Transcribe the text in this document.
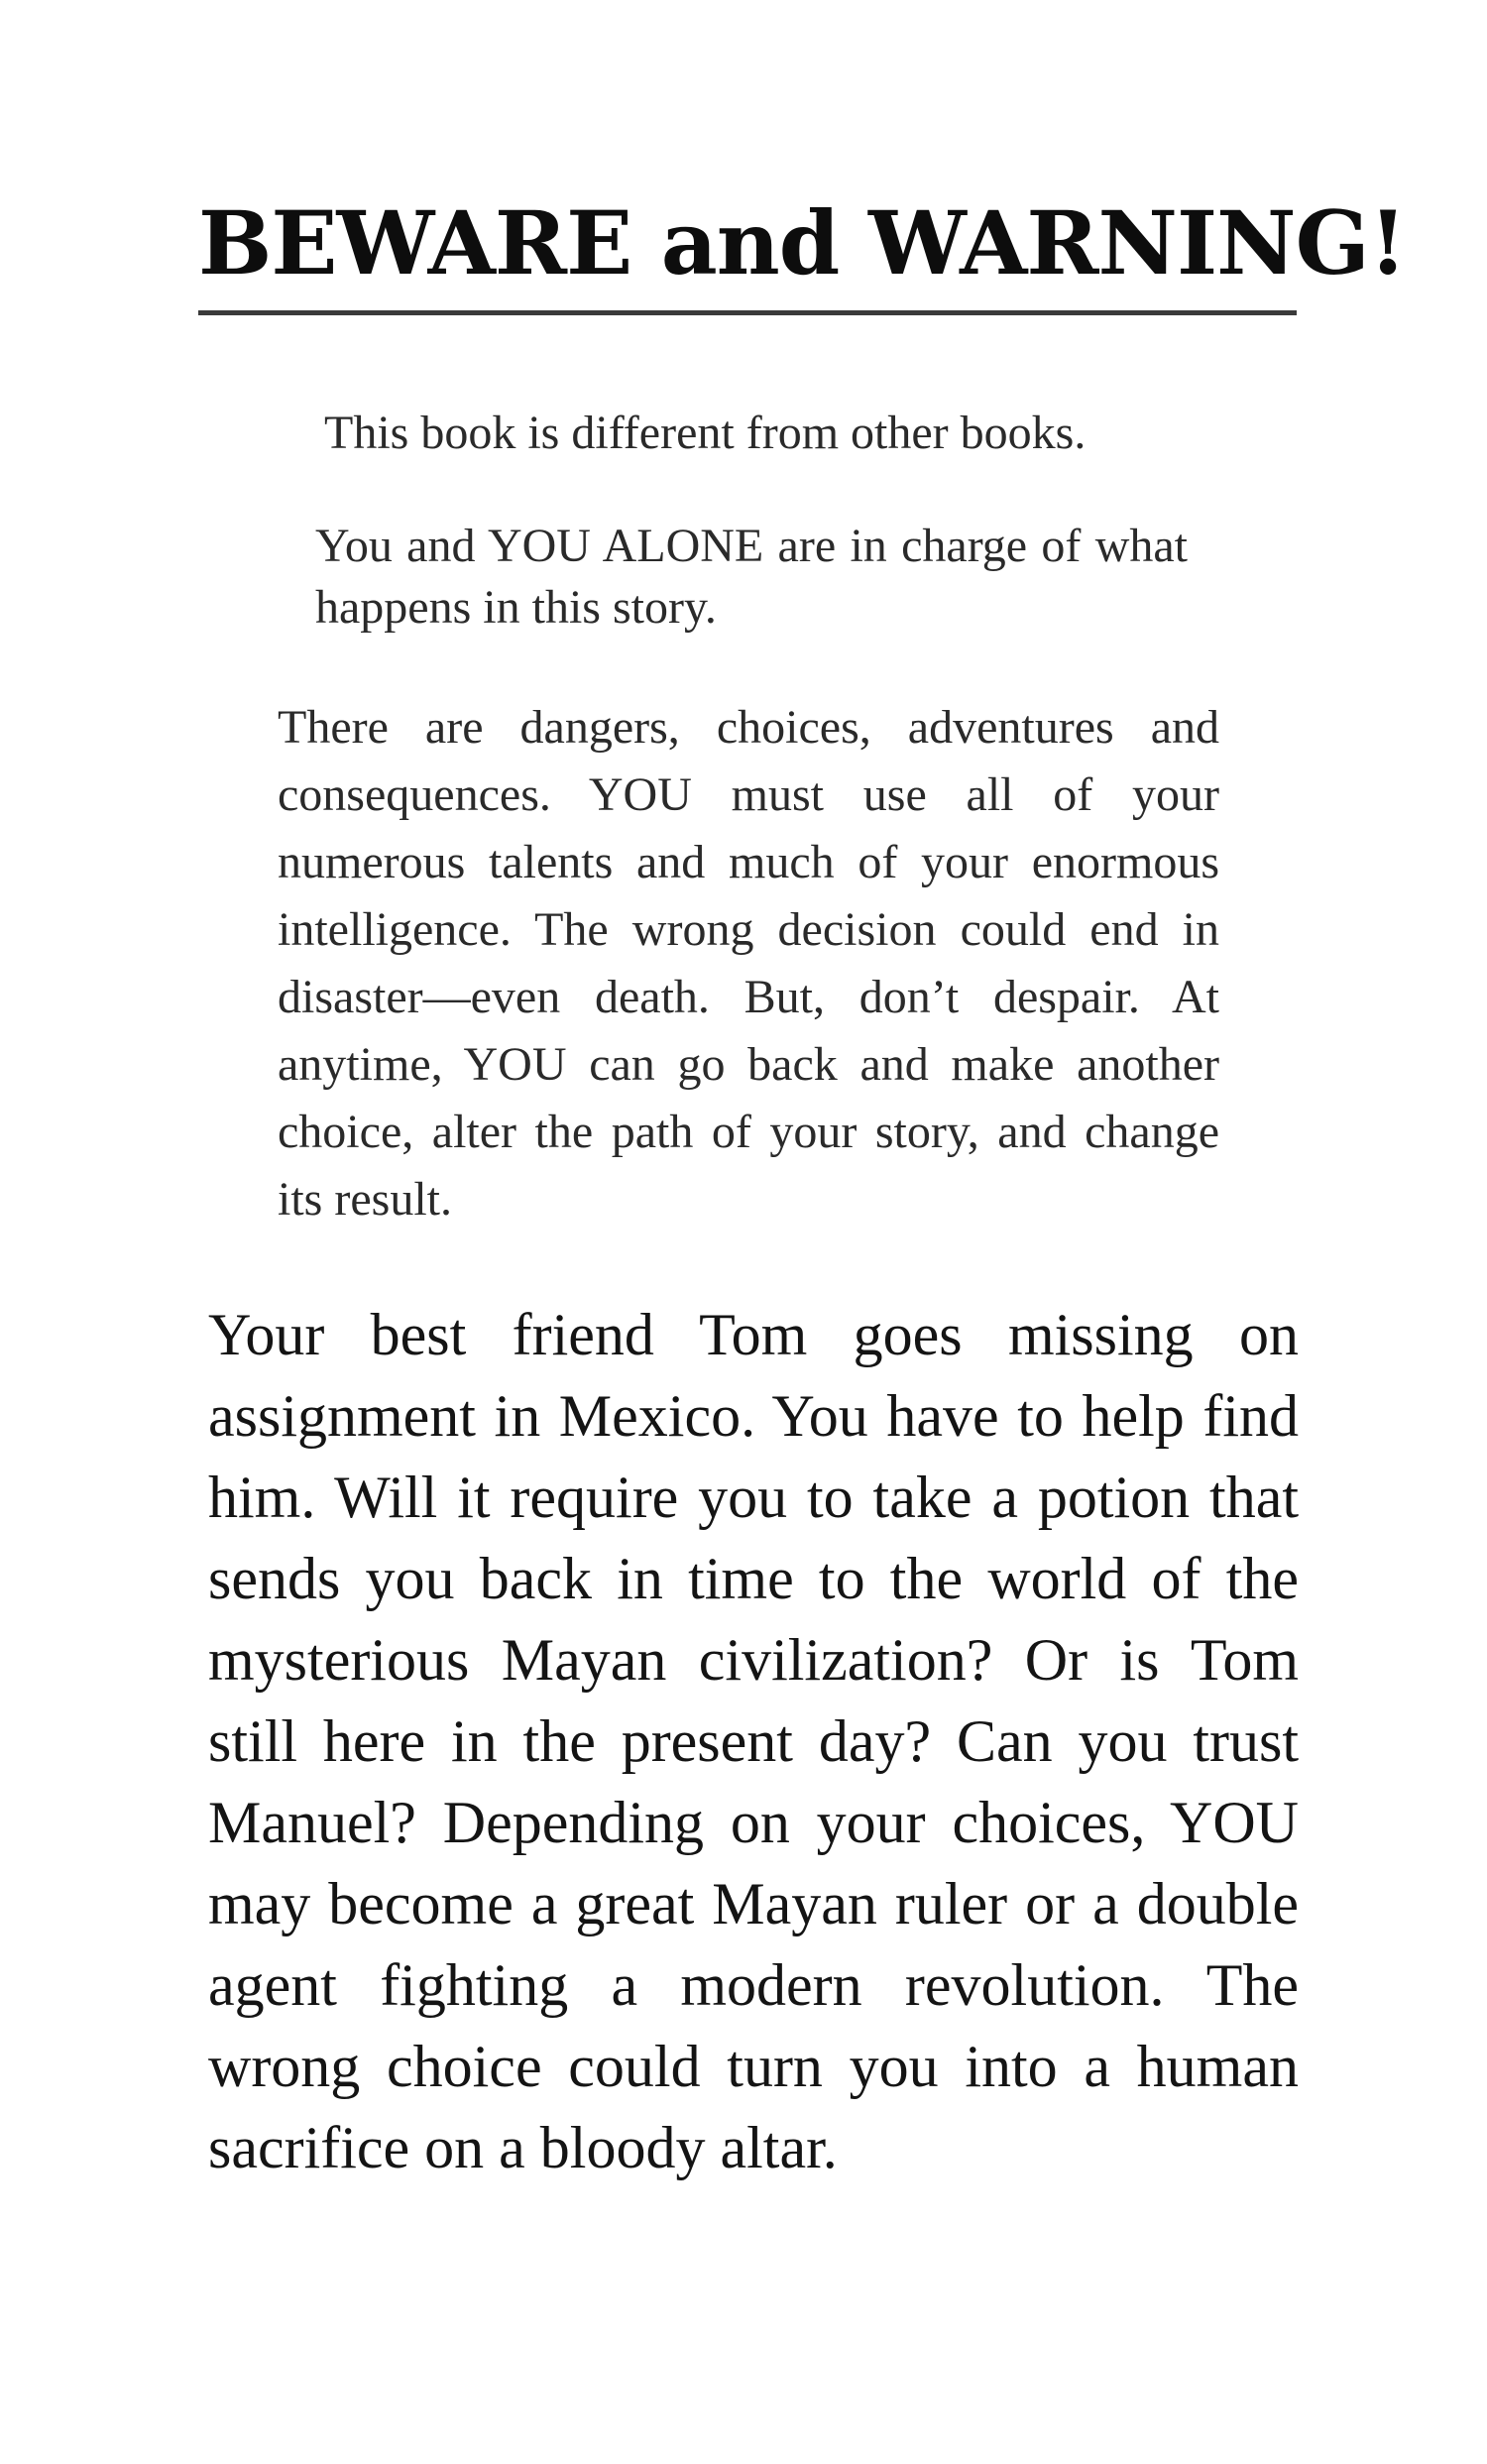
BEWARE and WARNING!

This book is different from other books.

You and YOU ALONE are in charge of what happens in this story.

There are dangers, choices, adventures and consequences. YOU must use all of your numerous talents and much of your enormous intelligence. The wrong decision could end in disaster—even death. But, don’t despair. At anytime, YOU can go back and make another choice, alter the path of your story, and change its result.

Your best friend Tom goes missing on assignment in Mexico. You have to help find him. Will it require you to take a potion that sends you back in time to the world of the mysterious Mayan civilization? Or is Tom still here in the present day? Can you trust Manuel? Depending on your choices, YOU may become a great Mayan ruler or a double agent fighting a modern revolution. The wrong choice could turn you into a human sacrifice on a bloody altar.
